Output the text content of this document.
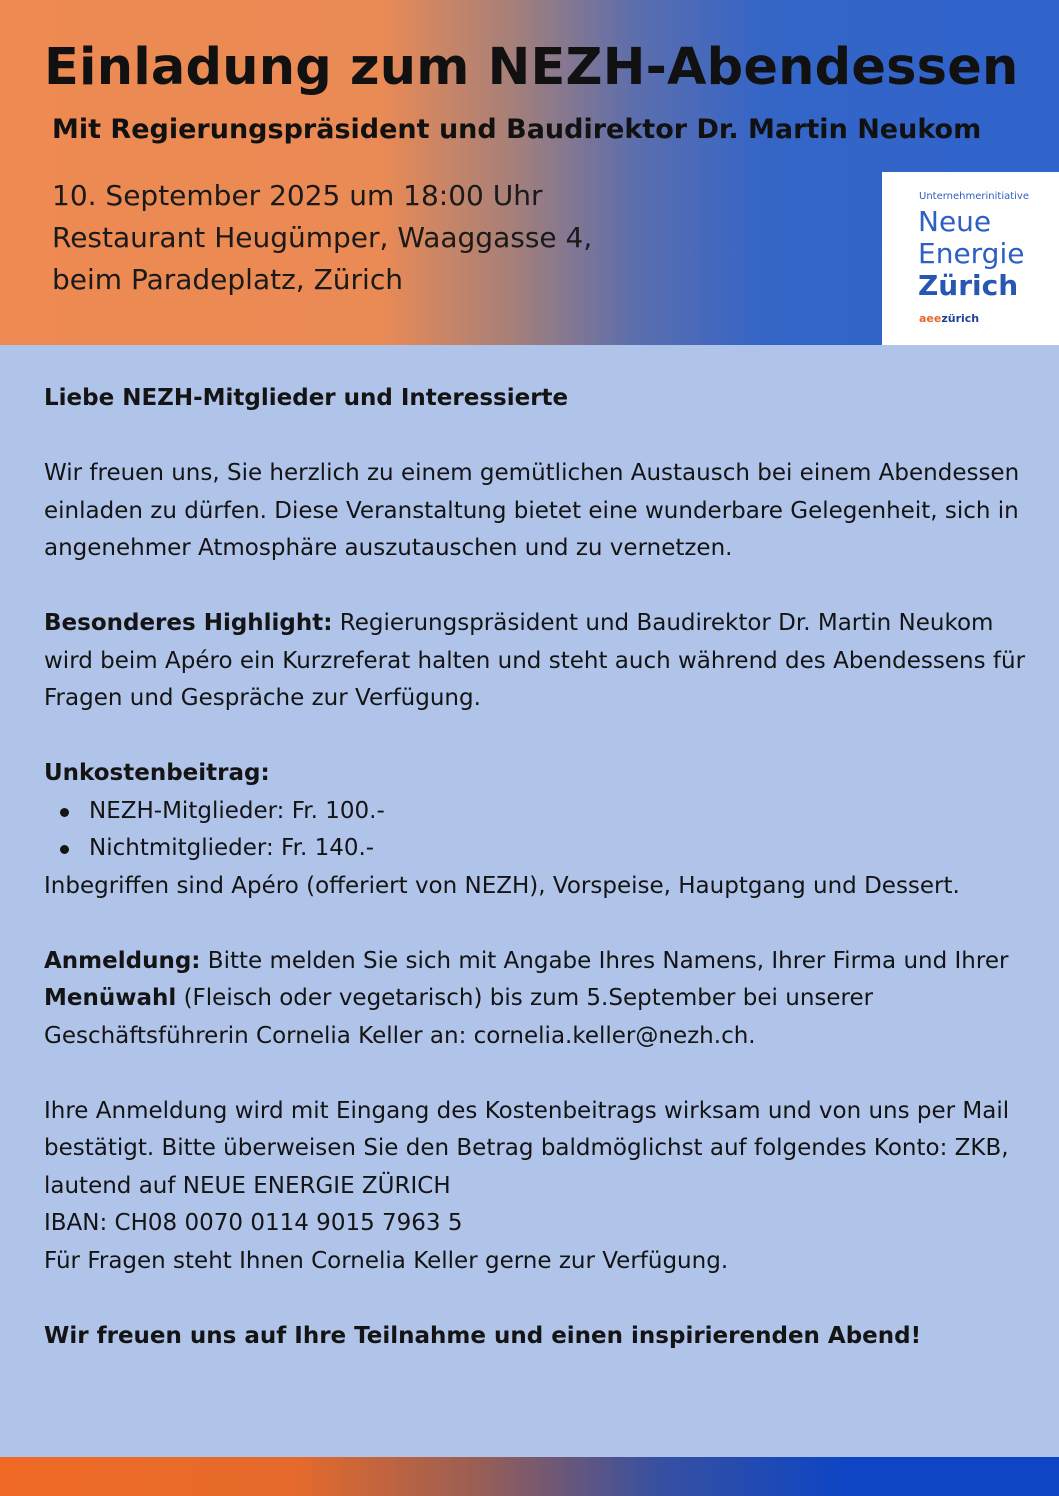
Einladung zum NEZH-Abendessen
Mit Regierungspräsident und Baudirektor Dr. Martin Neukom
10. September 2025 um 18:00 Uhr
Restaurant Heugümper, Waaggasse 4,
beim Paradeplatz, Zürich
Unternehmerinitiative
Neue
Energie
Zürich
aeezürich

Liebe NEZH-Mitglieder und Interessierte

Wir freuen uns, Sie herzlich zu einem gemütlichen Austausch bei einem Abendessen einladen zu dürfen. Diese Veranstaltung bietet eine wunderbare Gelegenheit, sich in angenehmer Atmosphäre auszutauschen und zu vernetzen.

Besonderes Highlight: Regierungspräsident und Baudirektor Dr. Martin Neukom wird beim Apéro ein Kurzreferat halten und steht auch während des Abendessens für Fragen und Gespräche zur Verfügung.

Unkostenbeitrag:
NEZH-Mitglieder: Fr. 100.-
Nichtmitglieder: Fr. 140.-
Inbegriffen sind Apéro (offeriert von NEZH), Vorspeise, Hauptgang und Dessert.

Anmeldung: Bitte melden Sie sich mit Angabe Ihres Namens, Ihrer Firma und Ihrer Menüwahl (Fleisch oder vegetarisch) bis zum 5.September bei unserer Geschäftsführerin Cornelia Keller an: cornelia.keller@nezh.ch.

Ihre Anmeldung wird mit Eingang des Kostenbeitrags wirksam und von uns per Mail bestätigt. Bitte überweisen Sie den Betrag baldmöglichst auf folgendes Konto: ZKB, lautend auf NEUE ENERGIE ZÜRICH
IBAN: CH08 0070 0114 9015 7963 5
Für Fragen steht Ihnen Cornelia Keller gerne zur Verfügung.

Wir freuen uns auf Ihre Teilnahme und einen inspirierenden Abend!
